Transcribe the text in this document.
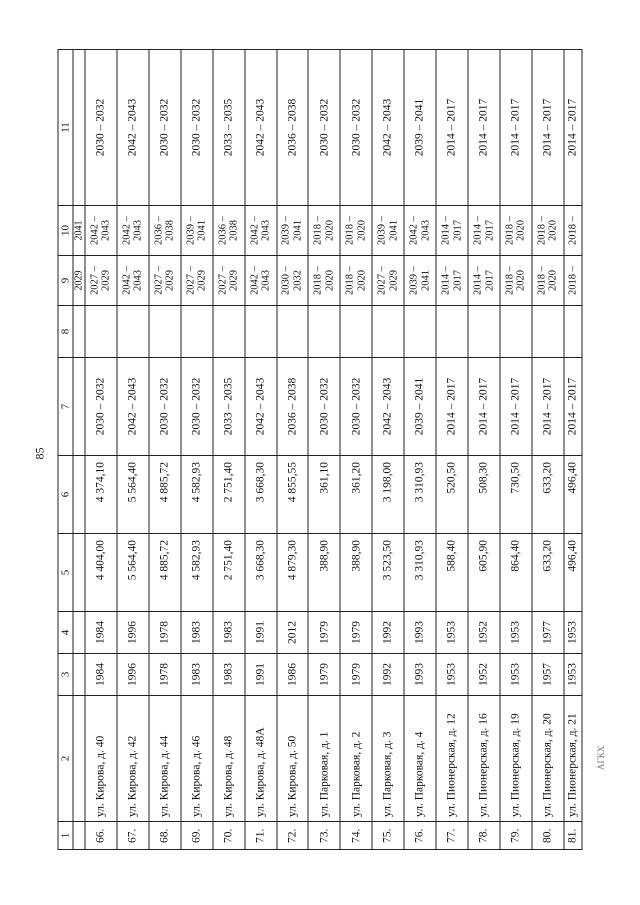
85
1	2	3	4	5	6	7	8	9	10	11
								2029	2041	
66.	ул. Кирова, д. 40	1984	1984	4 404,00	4 374,10	2030 – 2032		2027 – 2029	2042 – 2043	2030 – 2032
67.	ул. Кирова, д. 42	1996	1996	5 564,40	5 564,40	2042 – 2043		2042 – 2043	2042 – 2043	2042 – 2043
68.	ул. Кирова, д. 44	1978	1978	4 885,72	4 885,72	2030 – 2032		2027 – 2029	2036 – 2038	2030 – 2032
69.	ул. Кирова, д. 46	1983	1983	4 582,93	4 582,93	2030 – 2032		2027 – 2029	2039 – 2041	2030 – 2032
70.	ул. Кирова, д. 48	1983	1983	2 751,40	2 751,40	2033 – 2035		2027 – 2029	2036 – 2038	2033 – 2035
71.	ул. Кирова, д. 48А	1991	1991	3 668,30	3 668,30	2042 – 2043		2042 – 2043	2042 – 2043	2042 – 2043
72.	ул. Кирова, д. 50	1986	2012	4 879,30	4 855,55	2036 – 2038		2030 – 2032	2039 – 2041	2036 – 2038
73.	ул. Парковая, д. 1	1979	1979	388,90	361,10	2030 – 2032		2018 – 2020	2018 – 2020	2030 – 2032
74.	ул. Парковая, д. 2	1979	1979	388,90	361,20	2030 – 2032		2018 – 2020	2018 – 2020	2030 – 2032
75.	ул. Парковая, д. 3	1992	1992	3 523,50	3 198,00	2042 – 2043		2027 – 2029	2039 – 2041	2042 – 2043
76.	ул. Парковая, д. 4	1993	1993	3 310,93	3 310,93	2039 – 2041		2039 – 2041	2042 – 2043	2039 – 2041
77.	ул. Пионерская, д. 12	1953	1953	588,40	520,50	2014 – 2017		2014 – 2017	2014 – 2017	2014 – 2017
78.	ул. Пионерская, д. 16	1952	1952	605,90	508,30	2014 – 2017		2014 – 2017	2014 – 2017	2014 – 2017
79.	ул. Пионерская, д. 19	1953	1953	864,40	730,50	2014 – 2017		2018 – 2020	2018 – 2020	2014 – 2017
80.	ул. Пионерская, д. 20	1957	1977	633,20	633,20	2014 – 2017		2018 – 2020	2018 – 2020	2014 – 2017
81.	ул. Пионерская, д. 21	1953	1953	496,40	496,40	2014 – 2017		2018 –	2018 –	2014 – 2017
АГКХ
